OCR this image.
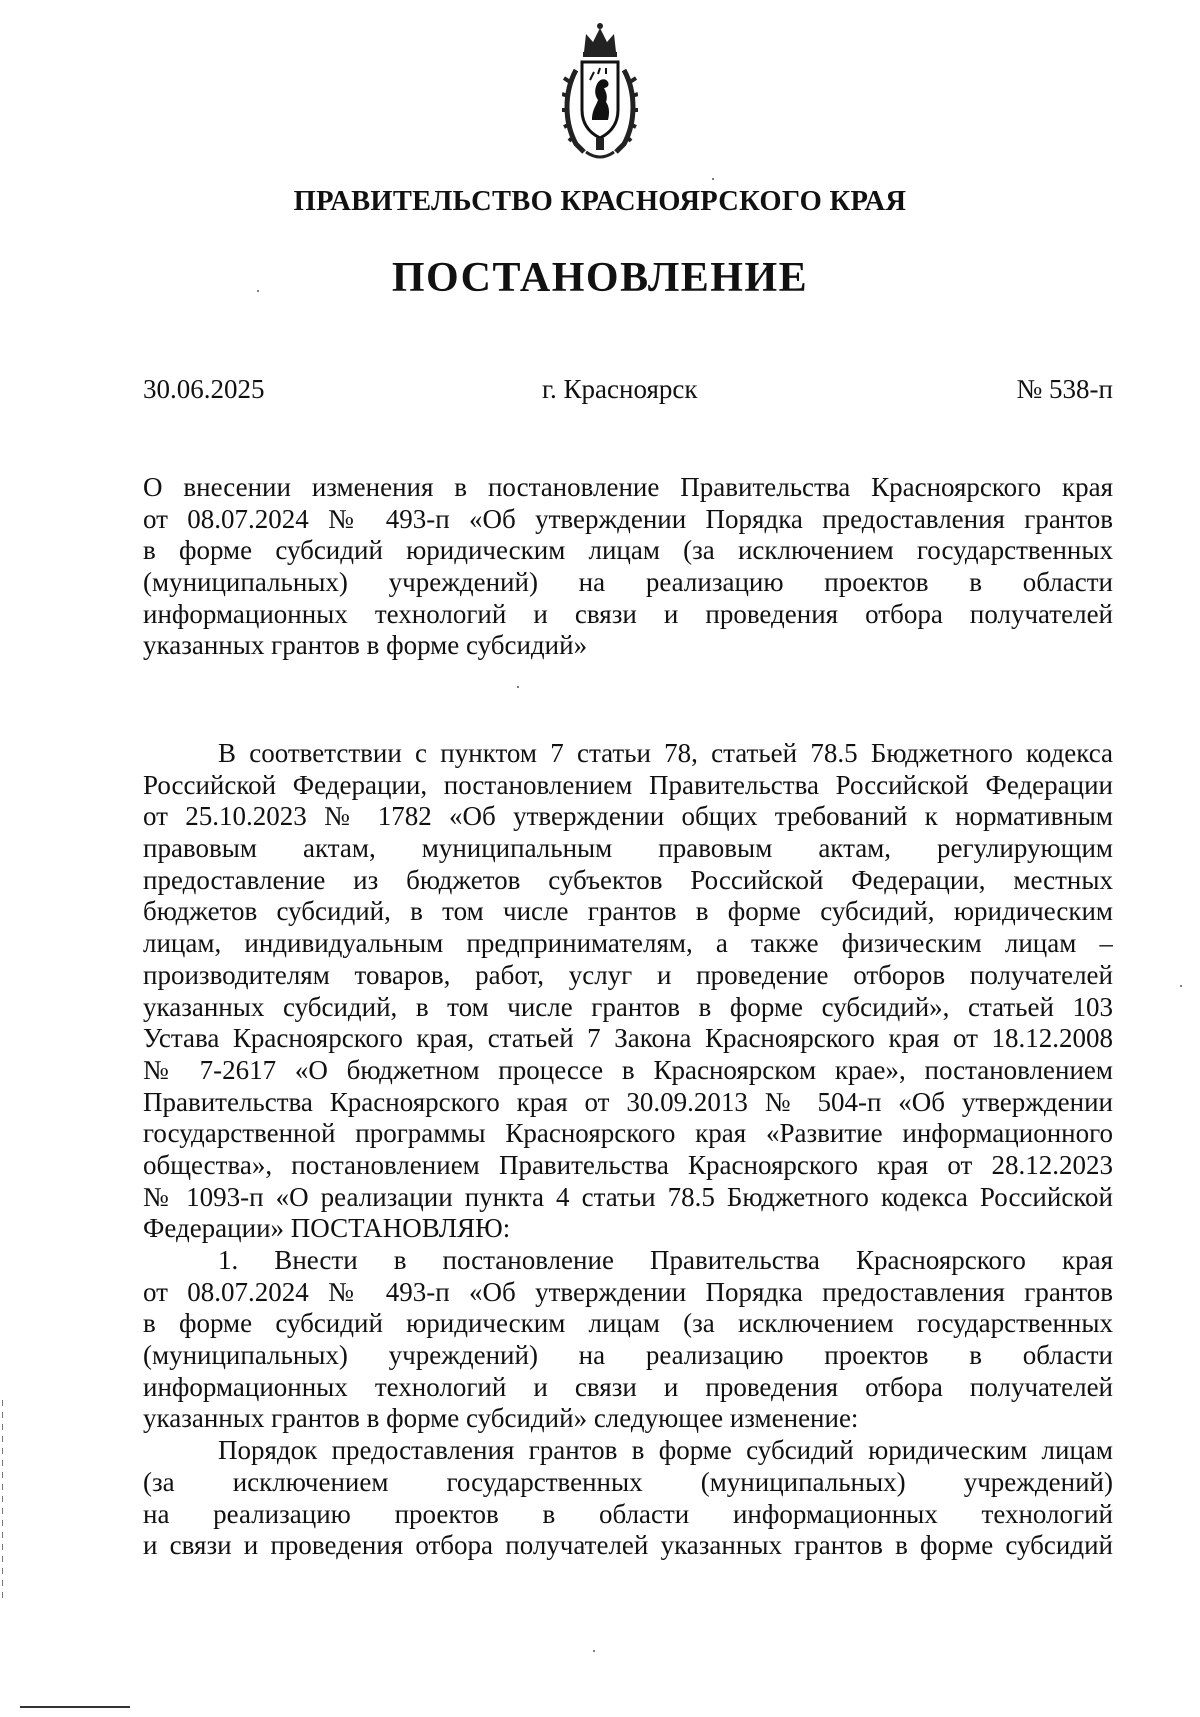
ПРАВИТЕЛЬСТВО КРАСНОЯРСКОГО КРАЯ
ПОСТАНОВЛЕНИЕ
30.06.2025	г. Красноярск	№ 538-п
О внесении изменения в постановление Правительства Красноярского края
от 08.07.2024 № 493-п «Об утверждении Порядка предоставления грантов
в форме субсидий юридическим лицам (за исключением государственных
(муниципальных) учреждений) на реализацию проектов в области
информационных технологий и связи и проведения отбора получателей
указанных грантов в форме субсидий»
В соответствии с пунктом 7 статьи 78, статьей 78.5 Бюджетного кодекса
Российской Федерации, постановлением Правительства Российской Федерации
от 25.10.2023 № 1782 «Об утверждении общих требований к нормативным
правовым актам, муниципальным правовым актам, регулирующим
предоставление из бюджетов субъектов Российской Федерации, местных
бюджетов субсидий, в том числе грантов в форме субсидий, юридическим
лицам, индивидуальным предпринимателям, а также физическим лицам –
производителям товаров, работ, услуг и проведение отборов получателей
указанных субсидий, в том числе грантов в форме субсидий», статьей 103
Устава Красноярского края, статьей 7 Закона Красноярского края от 18.12.2008
№ 7-2617 «О бюджетном процессе в Красноярском крае», постановлением
Правительства Красноярского края от 30.09.2013 № 504-п «Об утверждении
государственной программы Красноярского края «Развитие информационного
общества», постановлением Правительства Красноярского края от 28.12.2023
№ 1093-п «О реализации пункта 4 статьи 78.5 Бюджетного кодекса Российской
Федерации» ПОСТАНОВЛЯЮ:
1. Внести в постановление Правительства Красноярского края
от 08.07.2024 № 493-п «Об утверждении Порядка предоставления грантов
в форме субсидий юридическим лицам (за исключением государственных
(муниципальных) учреждений) на реализацию проектов в области
информационных технологий и связи и проведения отбора получателей
указанных грантов в форме субсидий» следующее изменение:
Порядок предоставления грантов в форме субсидий юридическим лицам
(за исключением государственных (муниципальных) учреждений)
на реализацию проектов в области информационных технологий
и связи и проведения отбора получателей указанных грантов в форме субсидий
